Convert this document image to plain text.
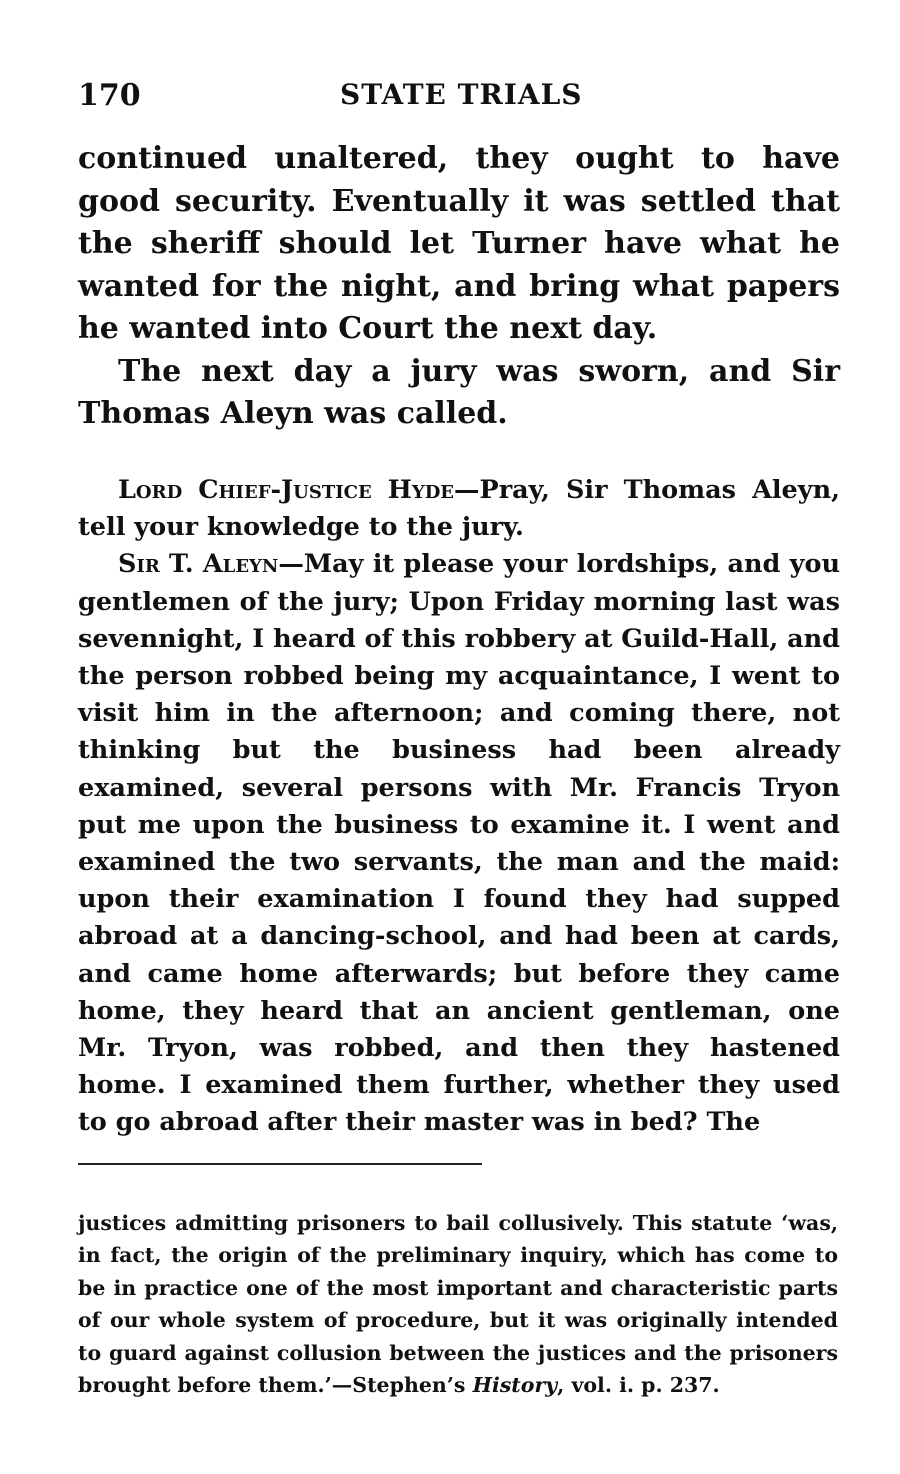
170	STATE TRIALS

continued unaltered, they ought to have good security. Eventually it was settled that the sheriff should let Turner have what he wanted for the night, and bring what papers he wanted into Court the next day.

The next day a jury was sworn, and Sir Thomas Aleyn was called.

Lord Chief-Justice Hyde—Pray, Sir Thomas Aleyn, tell your knowledge to the jury.

Sir T. Aleyn—May it please your lordships, and you gentlemen of the jury; Upon Friday morning last was sevennight, I heard of this robbery at Guild-Hall, and the person robbed being my acquaintance, I went to visit him in the afternoon; and coming there, not thinking but the business had been already examined, several persons with Mr. Francis Tryon put me upon the business to examine it. I went and examined the two servants, the man and the maid: upon their examination I found they had supped abroad at a dancing-school, and had been at cards, and came home afterwards; but before they came home, they heard that an ancient gentleman, one Mr. Tryon, was robbed, and then they hastened home. I examined them further, whether they used to go abroad after their master was in bed? The

justices admitting prisoners to bail collusively. This statute ‘was, in fact, the origin of the preliminary inquiry, which has come to be in practice one of the most important and characteristic parts of our whole system of procedure, but it was originally intended to guard against collusion between the justices and the prisoners brought before them.’—Stephen’s History, vol. i. p. 237.
